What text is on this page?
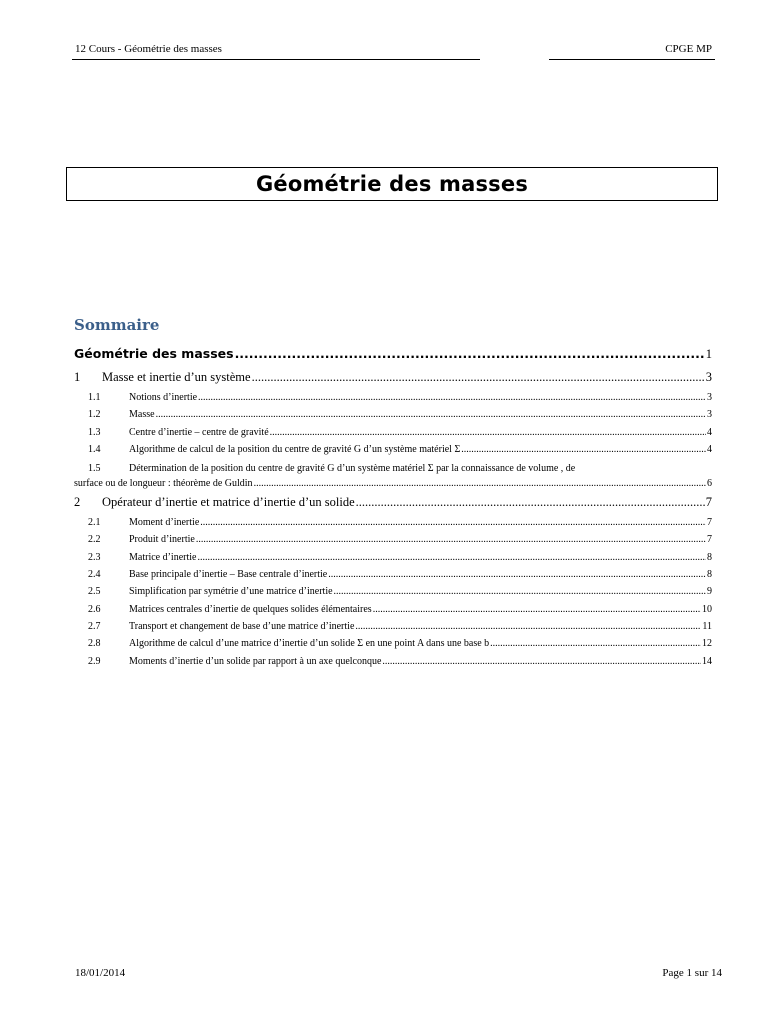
12 Cours - Géométrie des masses	CPGE MP
Géométrie des masses
Sommaire
Géométrie des masses .....	1
1	Masse et inertie d’un système .....	3
1.1	Notions d’inertie .....	3
1.2	Masse .....	3
1.3	Centre d’inertie – centre de gravité .....	4
1.4	Algorithme de calcul de la position du centre de gravité G d’un système matériel Σ .....	4
1.5	Détermination de la position du centre de gravité G d’un système matériel Σ par la connaissance de volume , de
surface ou de longueur : théorème de Guldin .....	6
2	Opérateur d’inertie et matrice d’inertie d’un solide .....	7
2.1	Moment d’inertie .....	7
2.2	Produit d’inertie .....	7
2.3	Matrice d’inertie .....	8
2.4	Base principale d’inertie – Base centrale d’inertie .....	8
2.5	Simplification par symétrie d’une matrice d’inertie .....	9
2.6	Matrices centrales d’inertie de quelques solides élémentaires .....	10
2.7	Transport et changement de base d’une matrice d’inertie .....	11
2.8	Algorithme de calcul d’une matrice d’inertie d’un solide Σ en une point A dans une base b .....	12
2.9	Moments d’inertie d’un solide par rapport à un axe quelconque .....	14
18/01/2014	Page 1 sur 14
